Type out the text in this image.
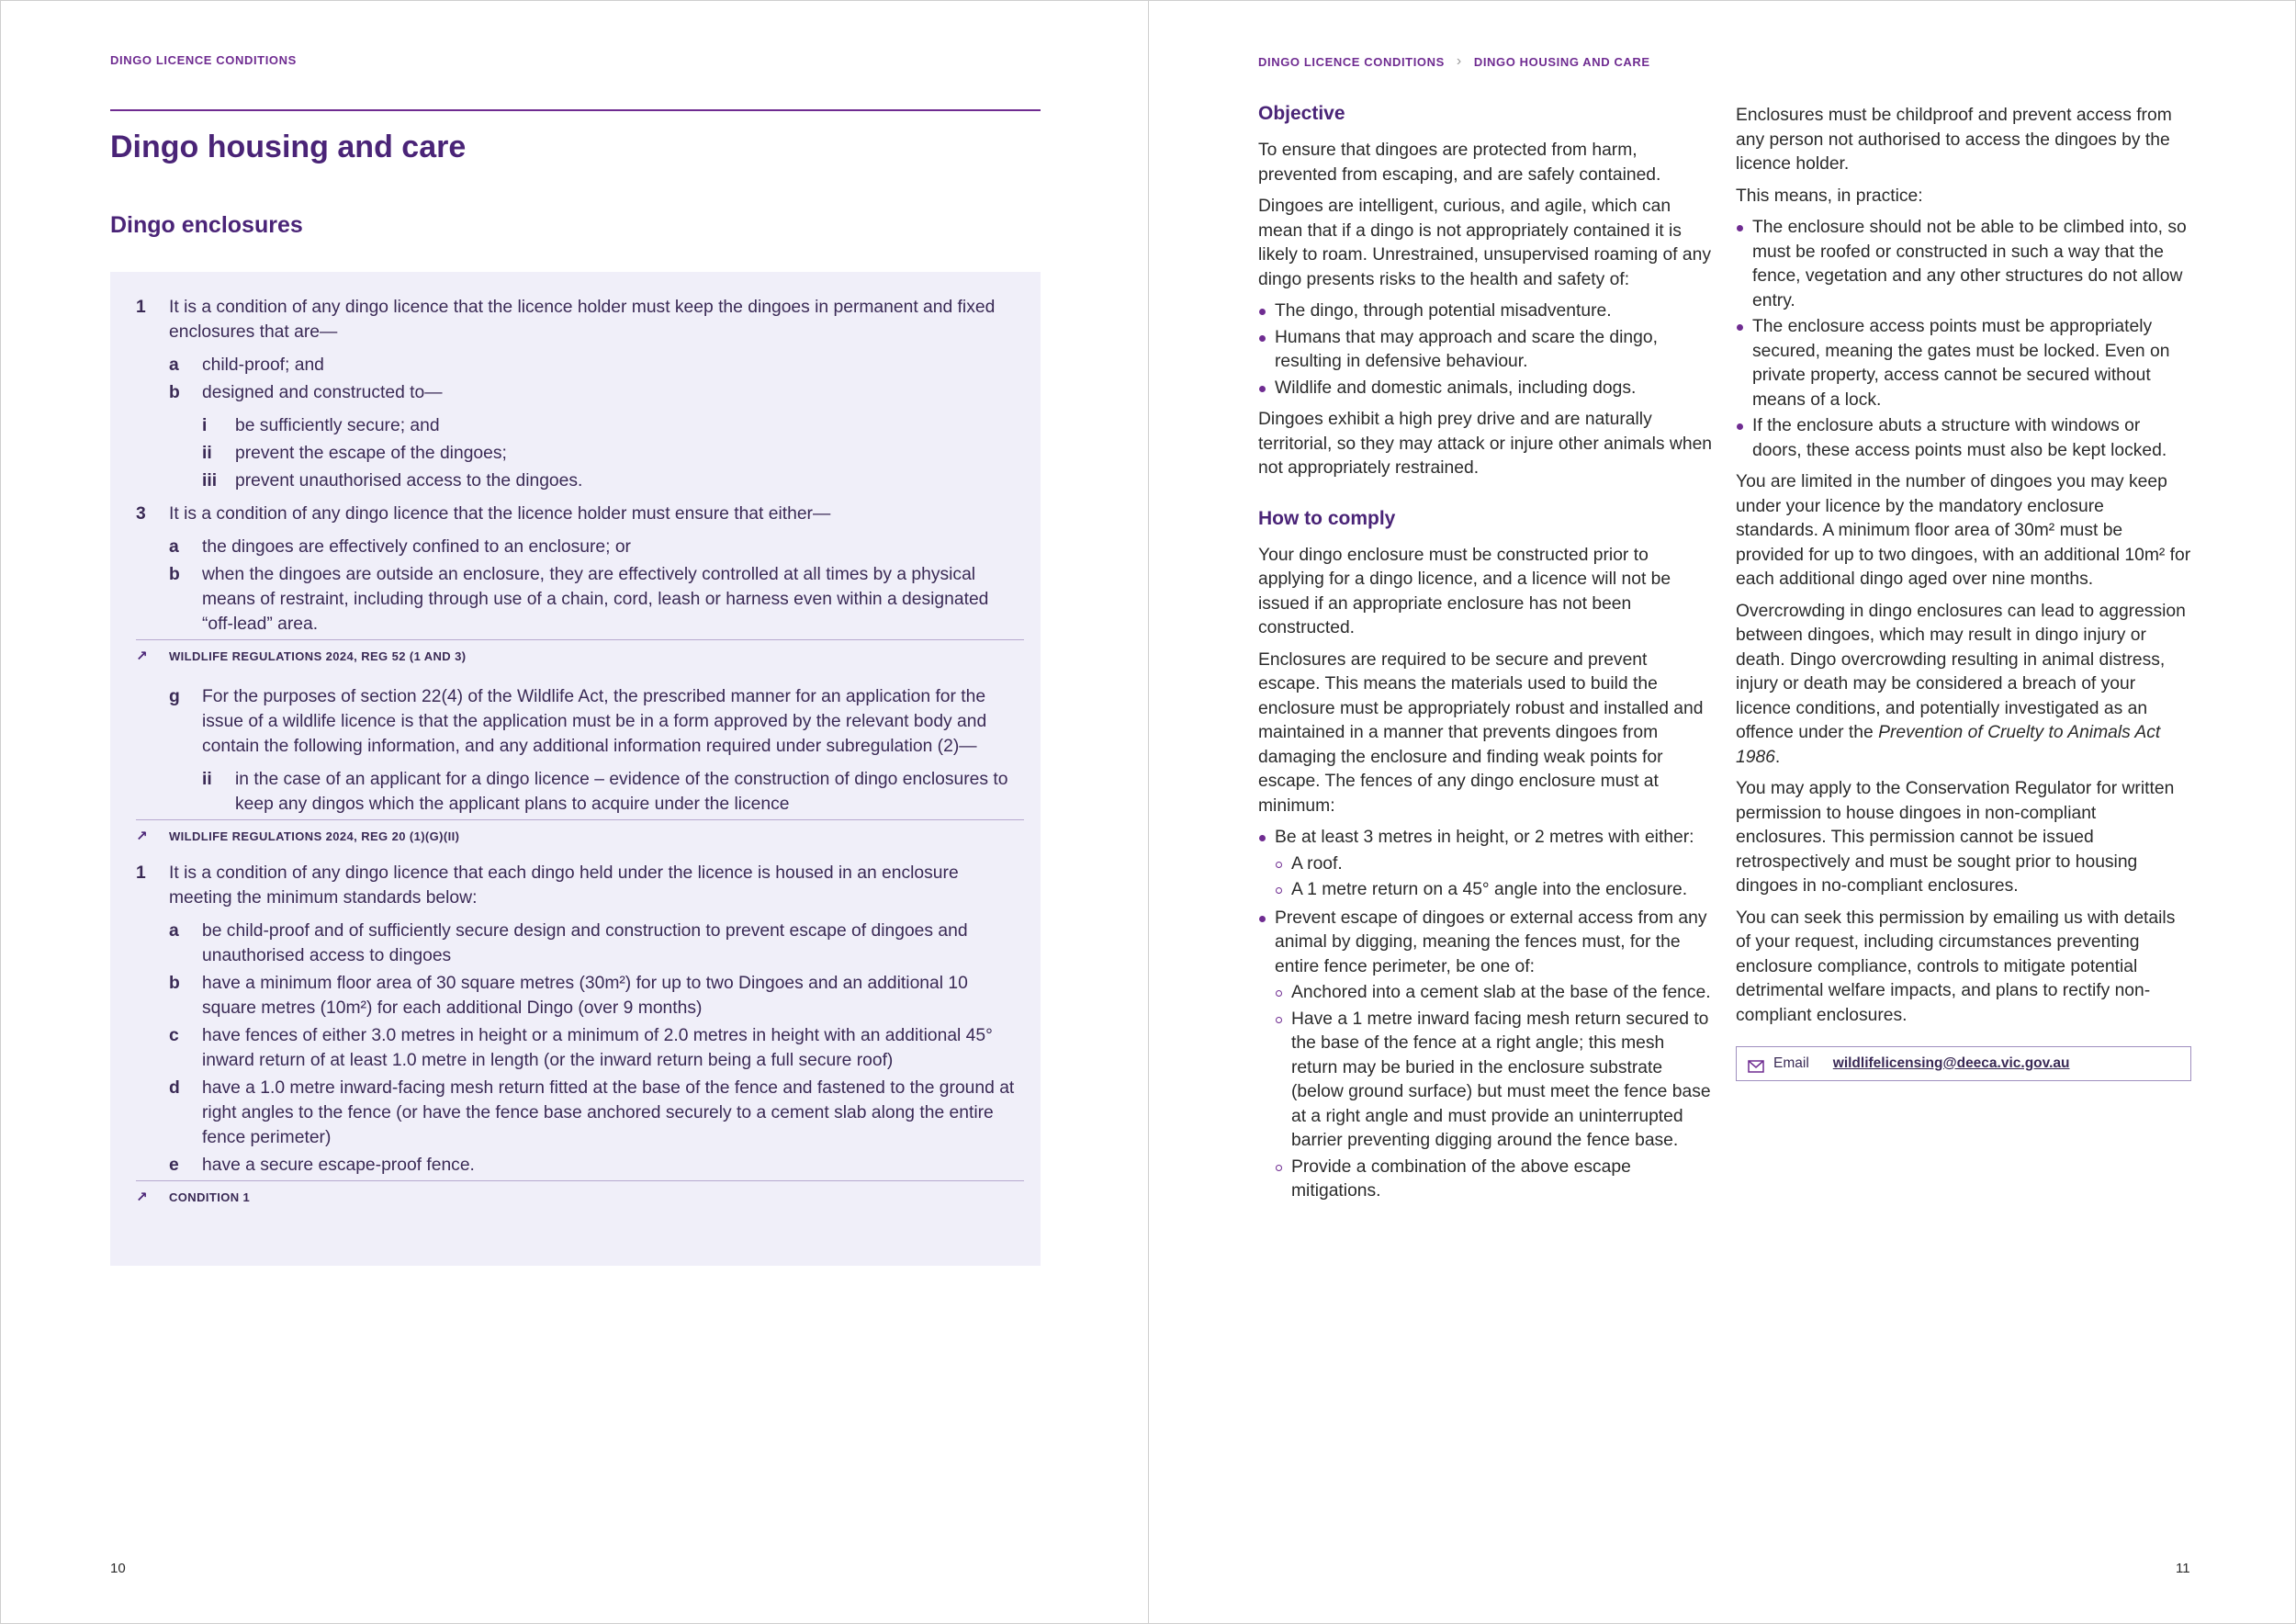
DINGO LICENCE CONDITIONS
Dingo housing and care
Dingo enclosures
1	It is a condition of any dingo licence that the licence holder must keep the dingoes in permanent and fixed enclosures that are—
a	child-proof; and
b	designed and constructed to—
i	be sufficiently secure; and
ii	prevent the escape of the dingoes;
iii	prevent unauthorised access to the dingoes.
3	It is a condition of any dingo licence that the licence holder must ensure that either—
a	the dingoes are effectively confined to an enclosure; or
b	when the dingoes are outside an enclosure, they are effectively controlled at all times by a physical means of restraint, including through use of a chain, cord, leash or harness even within a designated “off-lead” area.
↗	WILDLIFE REGULATIONS 2024, REG 52 (1 AND 3)
g	For the purposes of section 22(4) of the Wildlife Act, the prescribed manner for an application for the issue of a wildlife licence is that the application must be in a form approved by the relevant body and contain the following information, and any additional information required under subregulation (2)—
ii	in the case of an applicant for a dingo licence – evidence of the construction of dingo enclosures to keep any dingos which the applicant plans to acquire under the licence
↗	WILDLIFE REGULATIONS 2024, REG 20 (1)(G)(II)
1	It is a condition of any dingo licence that each dingo held under the licence is housed in an enclosure meeting the minimum standards below:
a	be child-proof and of sufficiently secure design and construction to prevent escape of dingoes and unauthorised access to dingoes
b	have a minimum floor area of 30 square metres (30m²) for up to two Dingoes and an additional 10 square metres (10m²) for each additional Dingo (over 9 months)
c	have fences of either 3.0 metres in height or a minimum of 2.0 metres in height with an additional 45° inward return of at least 1.0 metre in length (or the inward return being a full secure roof)
d	have a 1.0 metre inward-facing mesh return fitted at the base of the fence and fastened to the ground at right angles to the fence (or have the fence base anchored securely to a cement slab along the entire fence perimeter)
e	have a secure escape-proof fence.
↗	CONDITION 1
10
DINGO LICENCE CONDITIONS › DINGO HOUSING AND CARE
Objective

To ensure that dingoes are protected from harm, prevented from escaping, and are safely contained.

Dingoes are intelligent, curious, and agile, which can mean that if a dingo is not appropriately contained it is likely to roam. Unrestrained, unsupervised roaming of any dingo presents risks to the health and safety of:

The dingo, through potential misadventure.
Humans that may approach and scare the dingo, resulting in defensive behaviour.
Wildlife and domestic animals, including dogs.

Dingoes exhibit a high prey drive and are naturally territorial, so they may attack or injure other animals when not appropriately restrained.

How to comply

Your dingo enclosure must be constructed prior to applying for a dingo licence, and a licence will not be issued if an appropriate enclosure has not been constructed.

Enclosures are required to be secure and prevent escape. This means the materials used to build the enclosure must be appropriately robust and installed and maintained in a manner that prevents dingoes from damaging the enclosure and finding weak points for escape. The fences of any dingo enclosure must at minimum:

Be at least 3 metres in height, or 2 metres with either:
A roof.
A 1 metre return on a 45° angle into the enclosure.
Prevent escape of dingoes or external access from any animal by digging, meaning the fences must, for the entire fence perimeter, be one of:
Anchored into a cement slab at the base of the fence.
Have a 1 metre inward facing mesh return secured to the base of the fence at a right angle; this mesh return may be buried in the enclosure substrate (below ground surface) but must meet the fence base at a right angle and must provide an uninterrupted barrier preventing digging around the fence base.
Provide a combination of the above escape mitigations.

Enclosures must be childproof and prevent access from any person not authorised to access the dingoes by the licence holder.

This means, in practice:

The enclosure should not be able to be climbed into, so must be roofed or constructed in such a way that the fence, vegetation and any other structures do not allow entry.
The enclosure access points must be appropriately secured, meaning the gates must be locked. Even on private property, access cannot be secured without means of a lock.
If the enclosure abuts a structure with windows or doors, these access points must also be kept locked.

You are limited in the number of dingoes you may keep under your licence by the mandatory enclosure standards. A minimum floor area of 30m² must be provided for up to two dingoes, with an additional 10m² for each additional dingo aged over nine months.

Overcrowding in dingo enclosures can lead to aggression between dingoes, which may result in dingo injury or death. Dingo overcrowding resulting in animal distress, injury or death may be considered a breach of your licence conditions, and potentially investigated as an offence under the Prevention of Cruelty to Animals Act 1986.

You may apply to the Conservation Regulator for written permission to house dingoes in non-compliant enclosures. This permission cannot be issued retrospectively and must be sought prior to housing dingoes in no-compliant enclosures.

You can seek this permission by emailing us with details of your request, including circumstances preventing enclosure compliance, controls to mitigate potential detrimental welfare impacts, and plans to rectify non-compliant enclosures.

Email wildlifelicensing@deeca.vic.gov.au
11
